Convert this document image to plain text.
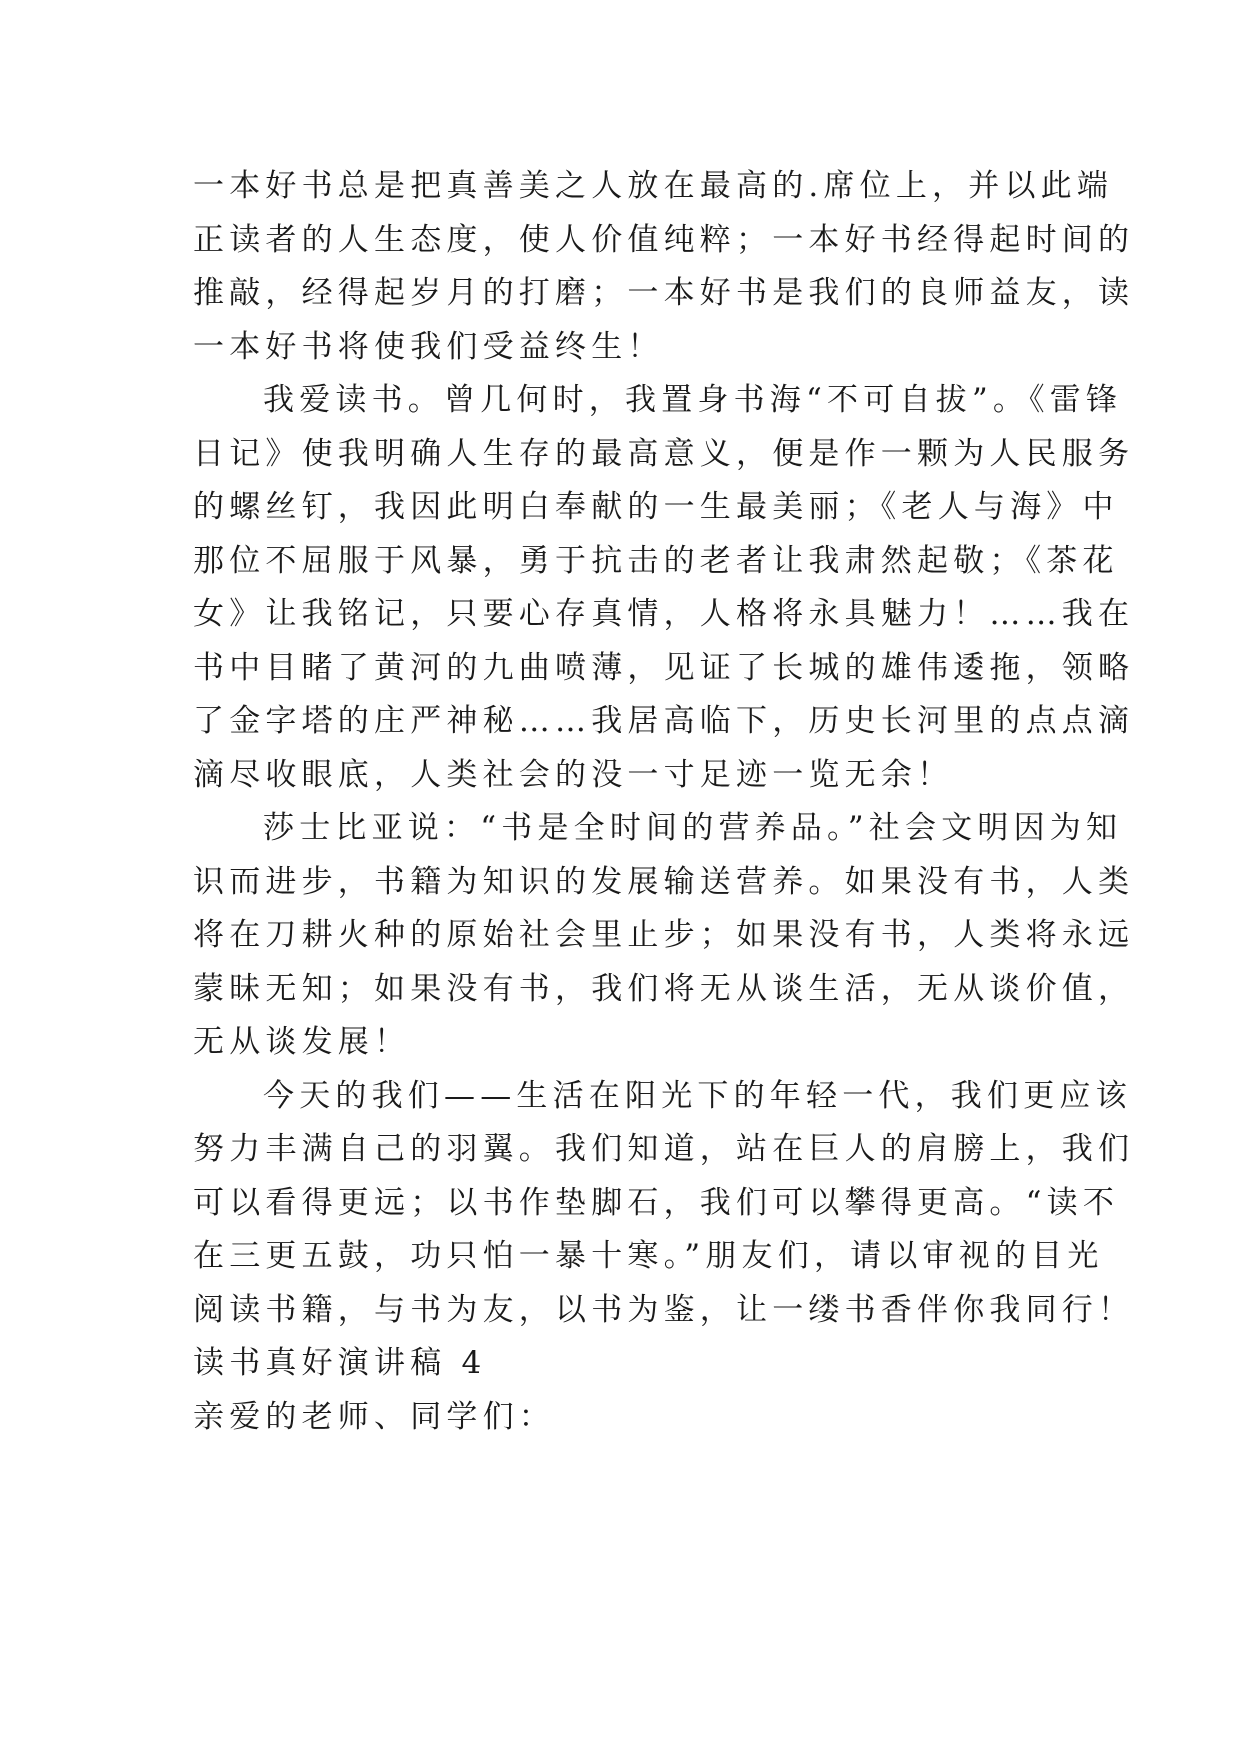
一本好书总是把真善美之人放在最高的.席位上，并以此端
正读者的人生态度，使人价值纯粹；一本好书经得起时间的
推敲，经得起岁月的打磨；一本好书是我们的良师益友，读
一本好书将使我们受益终生！
我爱读书。曾几何时，我置身书海“不可自拔”。《雷锋
日记》使我明确人生存的最高意义，便是作一颗为人民服务
的螺丝钉，我因此明白奉献的一生最美丽；《老人与海》中
那位不屈服于风暴，勇于抗击的老者让我肃然起敬；《茶花
女》让我铭记，只要心存真情，人格将永具魅力！……我在
书中目睹了黄河的九曲喷薄，见证了长城的雄伟逶拖，领略
了金字塔的庄严神秘……我居高临下，历史长河里的点点滴
滴尽收眼底，人类社会的没一寸足迹一览无余！
莎士比亚说：“书是全时间的营养品。”社会文明因为知
识而进步，书籍为知识的发展输送营养。如果没有书，人类
将在刀耕火种的原始社会里止步；如果没有书，人类将永远
蒙昧无知；如果没有书，我们将无从谈生活，无从谈价值，
无从谈发展！
今天的我们——生活在阳光下的年轻一代，我们更应该
努力丰满自己的羽翼。我们知道，站在巨人的肩膀上，我们
可以看得更远；以书作垫脚石，我们可以攀得更高。“读不
在三更五鼓，功只怕一暴十寒。”朋友们，请以审视的目光
阅读书籍，与书为友，以书为鉴，让一缕书香伴你我同行！
读书真好演讲稿 4
亲爱的老师、同学们：
